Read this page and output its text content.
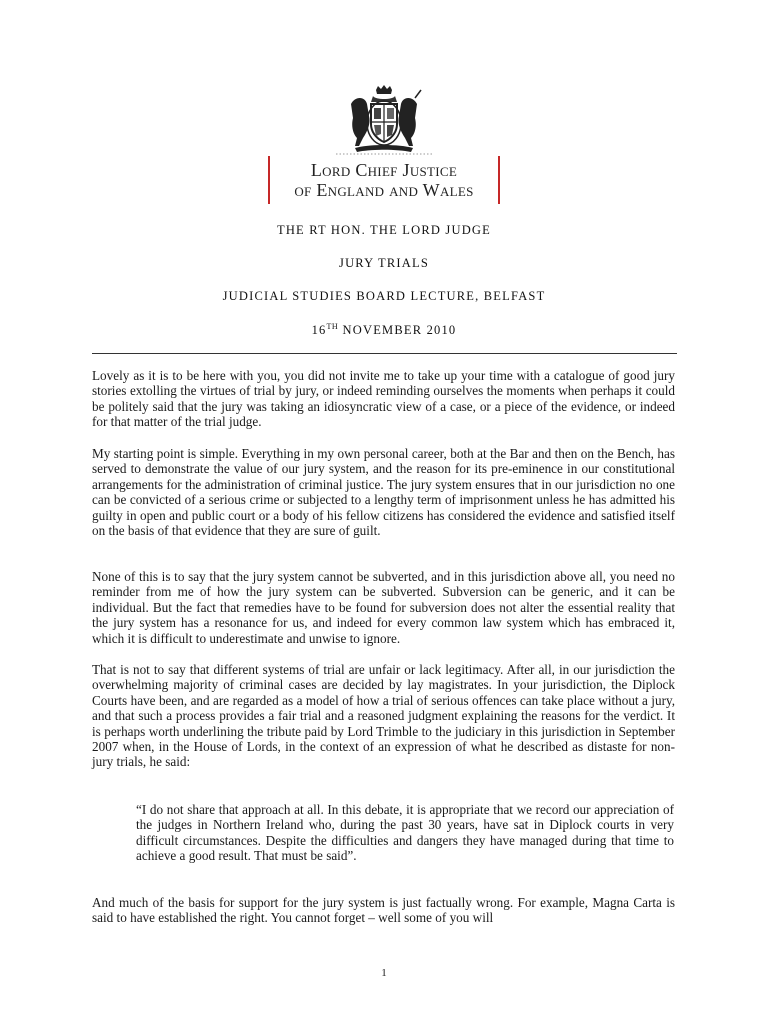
Lord Chief Justice
of England and Wales
THE RT HON. THE LORD JUDGE
JURY TRIALS
JUDICIAL STUDIES BOARD LECTURE, BELFAST
16TH NOVEMBER 2010
Lovely as it is to be here with you, you did not invite me to take up your time with a catalogue of good jury stories extolling the virtues of trial by jury, or indeed reminding ourselves the moments when perhaps it could be politely said that the jury was taking an idiosyncratic view of a case, or a piece of the evidence, or indeed for that matter of the trial judge.
My starting point is simple. Everything in my own personal career, both at the Bar and then on the Bench, has served to demonstrate the value of our jury system, and the reason for its pre-eminence in our constitutional arrangements for the administration of criminal justice. The jury system ensures that in our jurisdiction no one can be convicted of a serious crime or subjected to a lengthy term of imprisonment unless he has admitted his guilty in open and public court or a body of his fellow citizens has considered the evidence and satisfied itself on the basis of that evidence that they are sure of guilt.
None of this is to say that the jury system cannot be subverted, and in this jurisdiction above all, you need no reminder from me of how the jury system can be subverted. Subversion can be generic, and it can be individual. But the fact that remedies have to be found for subversion does not alter the essential reality that the jury system has a resonance for us, and indeed for every common law system which has embraced it, which it is difficult to underestimate and unwise to ignore.
That is not to say that different systems of trial are unfair or lack legitimacy. After all, in our jurisdiction the overwhelming majority of criminal cases are decided by lay magistrates. In your jurisdiction, the Diplock Courts have been, and are regarded as a model of how a trial of serious offences can take place without a jury, and that such a process provides a fair trial and a reasoned judgment explaining the reasons for the verdict. It is perhaps worth underlining the tribute paid by Lord Trimble to the judiciary in this jurisdiction in September 2007 when, in the House of Lords, in the context of an expression of what he described as distaste for non-jury trials, he said:
“I do not share that approach at all. In this debate, it is appropriate that we record our appreciation of the judges in Northern Ireland who, during the past 30 years, have sat in Diplock courts in very difficult circumstances. Despite the difficulties and dangers they have managed during that time to achieve a good result. That must be said”.
And much of the basis for support for the jury system is just factually wrong. For example, Magna Carta is said to have established the right. You cannot forget – well some of you will
1
